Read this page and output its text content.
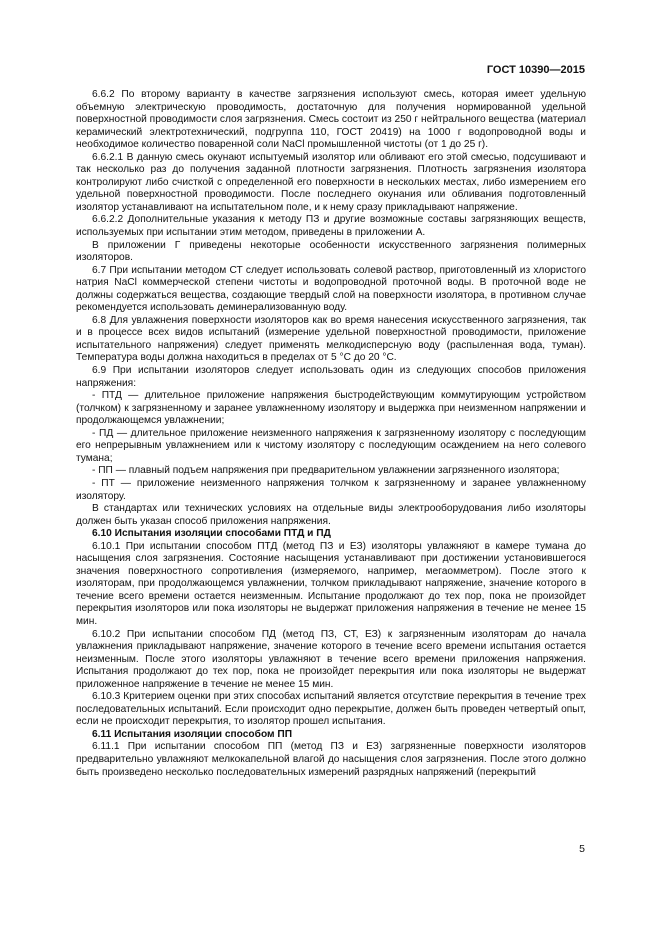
ГОСТ 10390—2015

6.6.2 По второму варианту в качестве загрязнения используют смесь, которая имеет удельную объемную электрическую проводимость, достаточную для получения нормированной удельной поверхностной проводимости слоя загрязнения. Смесь состоит из 250 г нейтрального вещества (материал керамический электротехнический, подгруппа 110, ГОСТ 20419) на 1000 г водопроводной воды и необходимое количество поваренной соли NaCl промышленной чистоты (от 1 до 25 г).

6.6.2.1 В данную смесь окунают испытуемый изолятор или обливают его этой смесью, подсушивают и так несколько раз до получения заданной плотности загрязнения. Плотность загрязнения изолятора контролируют либо счисткой с определенной его поверхности в нескольких местах, либо измерением его удельной поверхностной проводимости. После последнего окунания или обливания подготовленный изолятор устанавливают на испытательном поле, и к нему сразу прикладывают напряжение.

6.6.2.2 Дополнительные указания к методу ПЗ и другие возможные составы загрязняющих веществ, используемых при испытании этим методом, приведены в приложении А.

В приложении Г приведены некоторые особенности искусственного загрязнения полимерных изоляторов.

6.7 При испытании методом СТ следует использовать солевой раствор, приготовленный из хлористого натрия NaCl коммерческой степени чистоты и водопроводной проточной воды. В проточной воде не должны содержаться вещества, создающие твердый слой на поверхности изолятора, в противном случае рекомендуется использовать деминерализованную воду.

6.8 Для увлажнения поверхности изоляторов как во время нанесения искусственного загрязнения, так и в процессе всех видов испытаний (измерение удельной поверхностной проводимости, приложение испытательного напряжения) следует применять мелкодисперсную воду (распыленная вода, туман). Температура воды должна находиться в пределах от 5 °С до 20 °С.

6.9 При испытании изоляторов следует использовать один из следующих способов приложения напряжения:

- ПТД — длительное приложение напряжения быстродействующим коммутирующим устройством (толчком) к загрязненному и заранее увлажненному изолятору и выдержка при неизменном напряжении и продолжающемся увлажнении;

- ПД — длительное приложение неизменного напряжения к загрязненному изолятору с последующим его непрерывным увлажнением или к чистому изолятору с последующим осаждением на него солевого тумана;

- ПП — плавный подъем напряжения при предварительном увлажнении загрязненного изолятора;

- ПТ — приложение неизменного напряжения толчком к загрязненному и заранее увлажненному изолятору.

В стандартах или технических условиях на отдельные виды электрооборудования либо изоляторы должен быть указан способ приложения напряжения.

6.10 Испытания изоляции способами ПТД и ПД

6.10.1 При испытании способом ПТД (метод ПЗ и ЕЗ) изоляторы увлажняют в камере тумана до насыщения слоя загрязнения. Состояние насыщения устанавливают при достижении установившегося значения поверхностного сопротивления (измеряемого, например, мегаомметром). После этого к изоляторам, при продолжающемся увлажнении, толчком прикладывают напряжение, значение которого в течение всего времени остается неизменным. Испытание продолжают до тех пор, пока не произойдет перекрытия изоляторов или пока изоляторы не выдержат приложения напряжения в течение не менее 15 мин.

6.10.2 При испытании способом ПД (метод ПЗ, СТ, ЕЗ) к загрязненным изоляторам до начала увлажнения прикладывают напряжение, значение которого в течение всего времени испытания остается неизменным. После этого изоляторы увлажняют в течение всего времени приложения напряжения. Испытания продолжают до тех пор, пока не произойдет перекрытия или пока изоляторы не выдержат приложенное напряжение в течение не менее 15 мин.

6.10.3 Критерием оценки при этих способах испытаний является отсутствие перекрытия в течение трех последовательных испытаний. Если происходит одно перекрытие, должен быть проведен четвертый опыт, если не происходит перекрытия, то изолятор прошел испытания.

6.11 Испытания изоляции способом ПП

6.11.1 При испытании способом ПП (метод ПЗ и ЕЗ) загрязненные поверхности изоляторов предварительно увлажняют мелкокапельной влагой до насыщения слоя загрязнения. После этого должно быть произведено несколько последовательных измерений разрядных напряжений (перекрытий

5
